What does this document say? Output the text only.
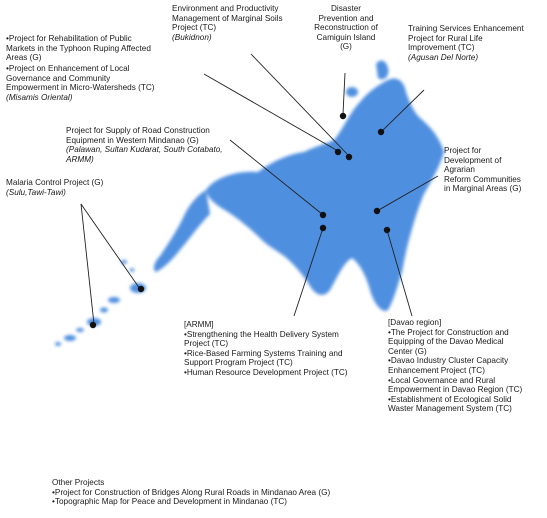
•Project for Rehabilitation of Public
Markets in the Typhoon Ruping Affected
Areas (G)
•Project on Enhancement of Local
Governance and Community
Empowerment in Micro-Watersheds (TC)
(Misamis Oriental)
Environment and Productivity
Management of Marginal Soils
Project (TC)
(Bukidnon)
Disaster
Prevention and
Reconstruction of
Camiguin Island
(G)
Training Services Enhancement
Project for Rural Life
Improvement (TC)
(Agusan Del Norte)
Project for Supply of Road Construction
Equipment in Western Mindanao (G)
(Palawan, Sultan Kudarat, South Cotabato,
ARMM)
Project for
Development of
Agrarian
Reform Communities
in Marginal Areas (G)
Malaria Control Project (G)
(Sulu,Tawi-Tawi)
[ARMM]
•Strengthening the Health Delivery System
Project (TC)
•Rice-Based Farming Systems Training and
Support Program Project (TC)
•Human Resource Development Project (TC)
[Davao region]
•The Project for Construction and
Equipping of the Davao Medical
Center (G)
•Davao Industry Cluster Capacity
Enhancement Project (TC)
•Local Governance and Rural
Empowerment in Davao Region (TC)
•Establishment of Ecological Solid
Waster Management System (TC)
Other Projects
•Project for Construction of Bridges Along Rural Roads in Mindanao Area (G)
•Topographic Map for Peace and Development in Mindanao (TC)
